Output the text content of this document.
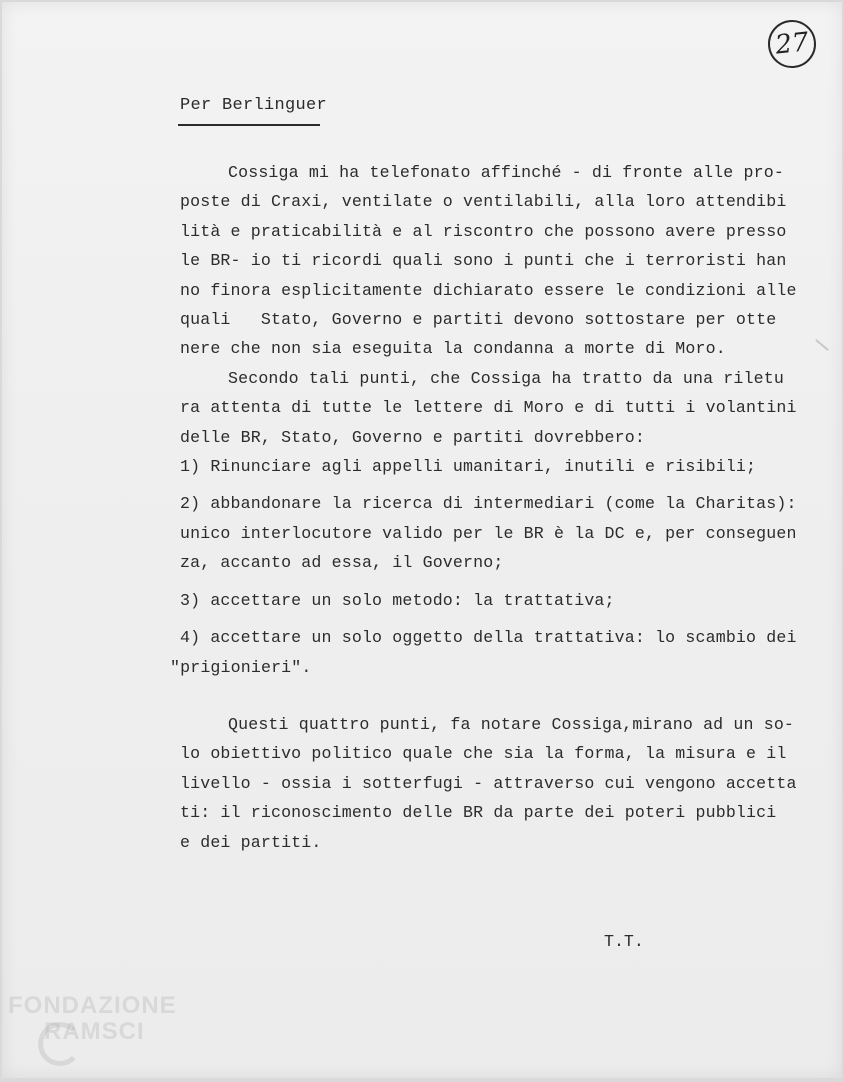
27

Per Berlinguer
Cossiga mi ha telefonato affinché - di fronte alle pro-
poste di Craxi, ventilate o ventilabili, alla loro attendibi
lità e praticabilità e al riscontro che possono avere presso
le BR- io ti ricordi quali sono i punti che i terroristi han
no finora esplicitamente dichiarato essere le condizioni alle
quali   Stato, Governo e partiti devono sottostare per otte
nere che non sia eseguita la condanna a morte di Moro.
Secondo tali punti, che Cossiga ha tratto da una riletu
ra attenta di tutte le lettere di Moro e di tutti i volantini
delle BR, Stato, Governo e partiti dovrebbero:
1) Rinunciare agli appelli umanitari, inutili e risibili;
2) abbandonare la ricerca di intermediari (come la Charitas):
unico interlocutore valido per le BR è la DC e, per conseguen
za, accanto ad essa, il Governo;
3) accettare un solo metodo: la trattativa;
4) accettare un solo oggetto della trattativa: lo scambio dei
"prigionieri".
Questi quattro punti, fa notare Cossiga,mirano ad un so-
lo obiettivo politico quale che sia la forma, la misura e il
livello - ossia i sotterfugi - attraverso cui vengono accetta
ti: il riconoscimento delle BR da parte dei poteri pubblici
e dei partiti.
T.T.
FONDAZIONE
RAMSCI
